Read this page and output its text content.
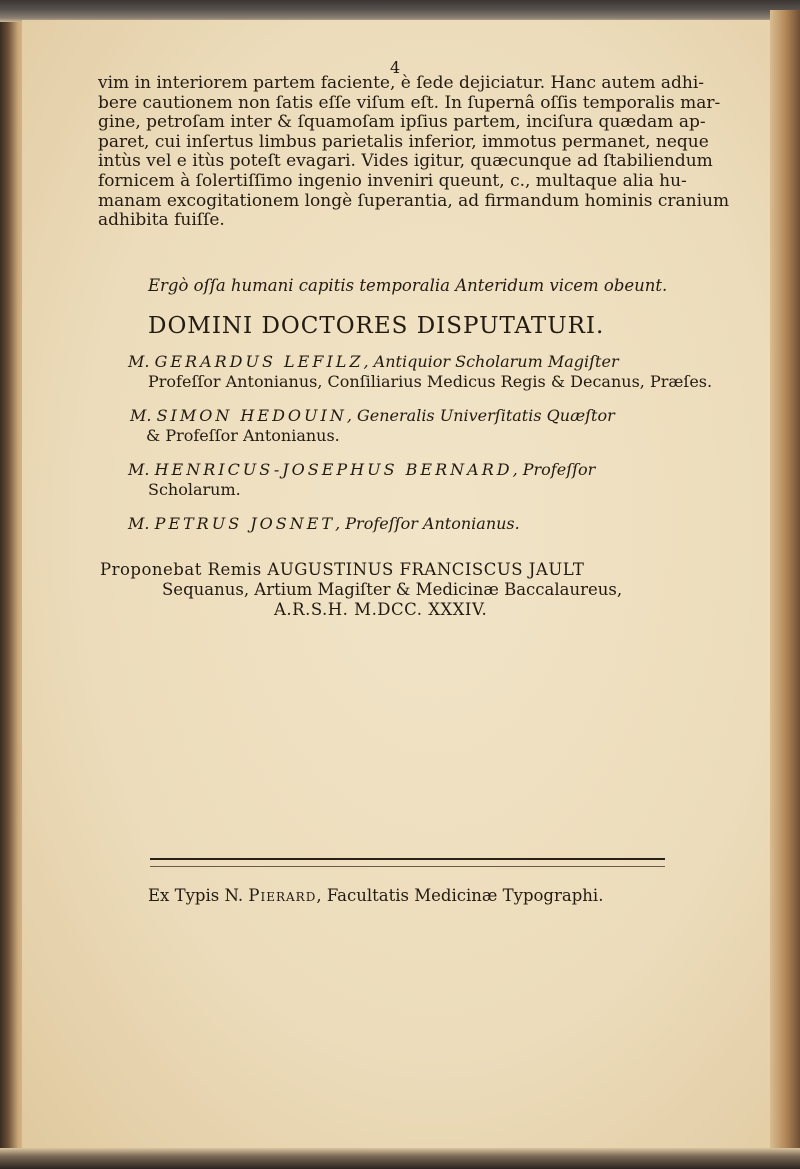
4
vim in interiorem partem faciente, è ſede dejiciatur. Hanc autem adhi-
bere cautionem non ſatis eſſe viſum eſt. In ſupernâ oſſis temporalis mar-
gine, petroſam inter & ſquamoſam ipſius partem, inciſura quædam ap-
paret, cui inſertus limbus parietalis inferior, immotus permanet, neque
intùs vel e itùs poteſt evagari. Vides igitur, quæcunque ad ſtabiliendum
fornicem à ſolertiſſimo ingenio inveniri queunt, c., multaque alia hu-
manam excogitationem longè ſuperantia, ad firmandum hominis cranium
adhibita fuiſſe.
Ergò oſſa humani capitis temporalia Anteridum vicem obeunt.
DOMINI DOCTORES DISPUTATURI.
M. GERARDUS LEFILZ, Antiquior Scholarum Magiſter
Profeſſor Antonianus, Conſiliarius Medicus Regis & Decanus, Præſes.
M. SIMON HEDOUIN, Generalis Univerſitatis Quæſtor
& Profeſſor Antonianus.
M. HENRICUS-JOSEPHUS BERNARD, Profeſſor
Scholarum.
M. PETRUS JOSNET, Profeſſor Antonianus.
Proponebat Remis AUGUSTINUS FRANCISCUS JAULT
Sequanus, Artium Magiſter & Medicinæ Baccalaureus,
A.R.S.H. M.DCC. XXXIV.
Ex Typis N. Pierard, Facultatis Medicinæ Typographi.
